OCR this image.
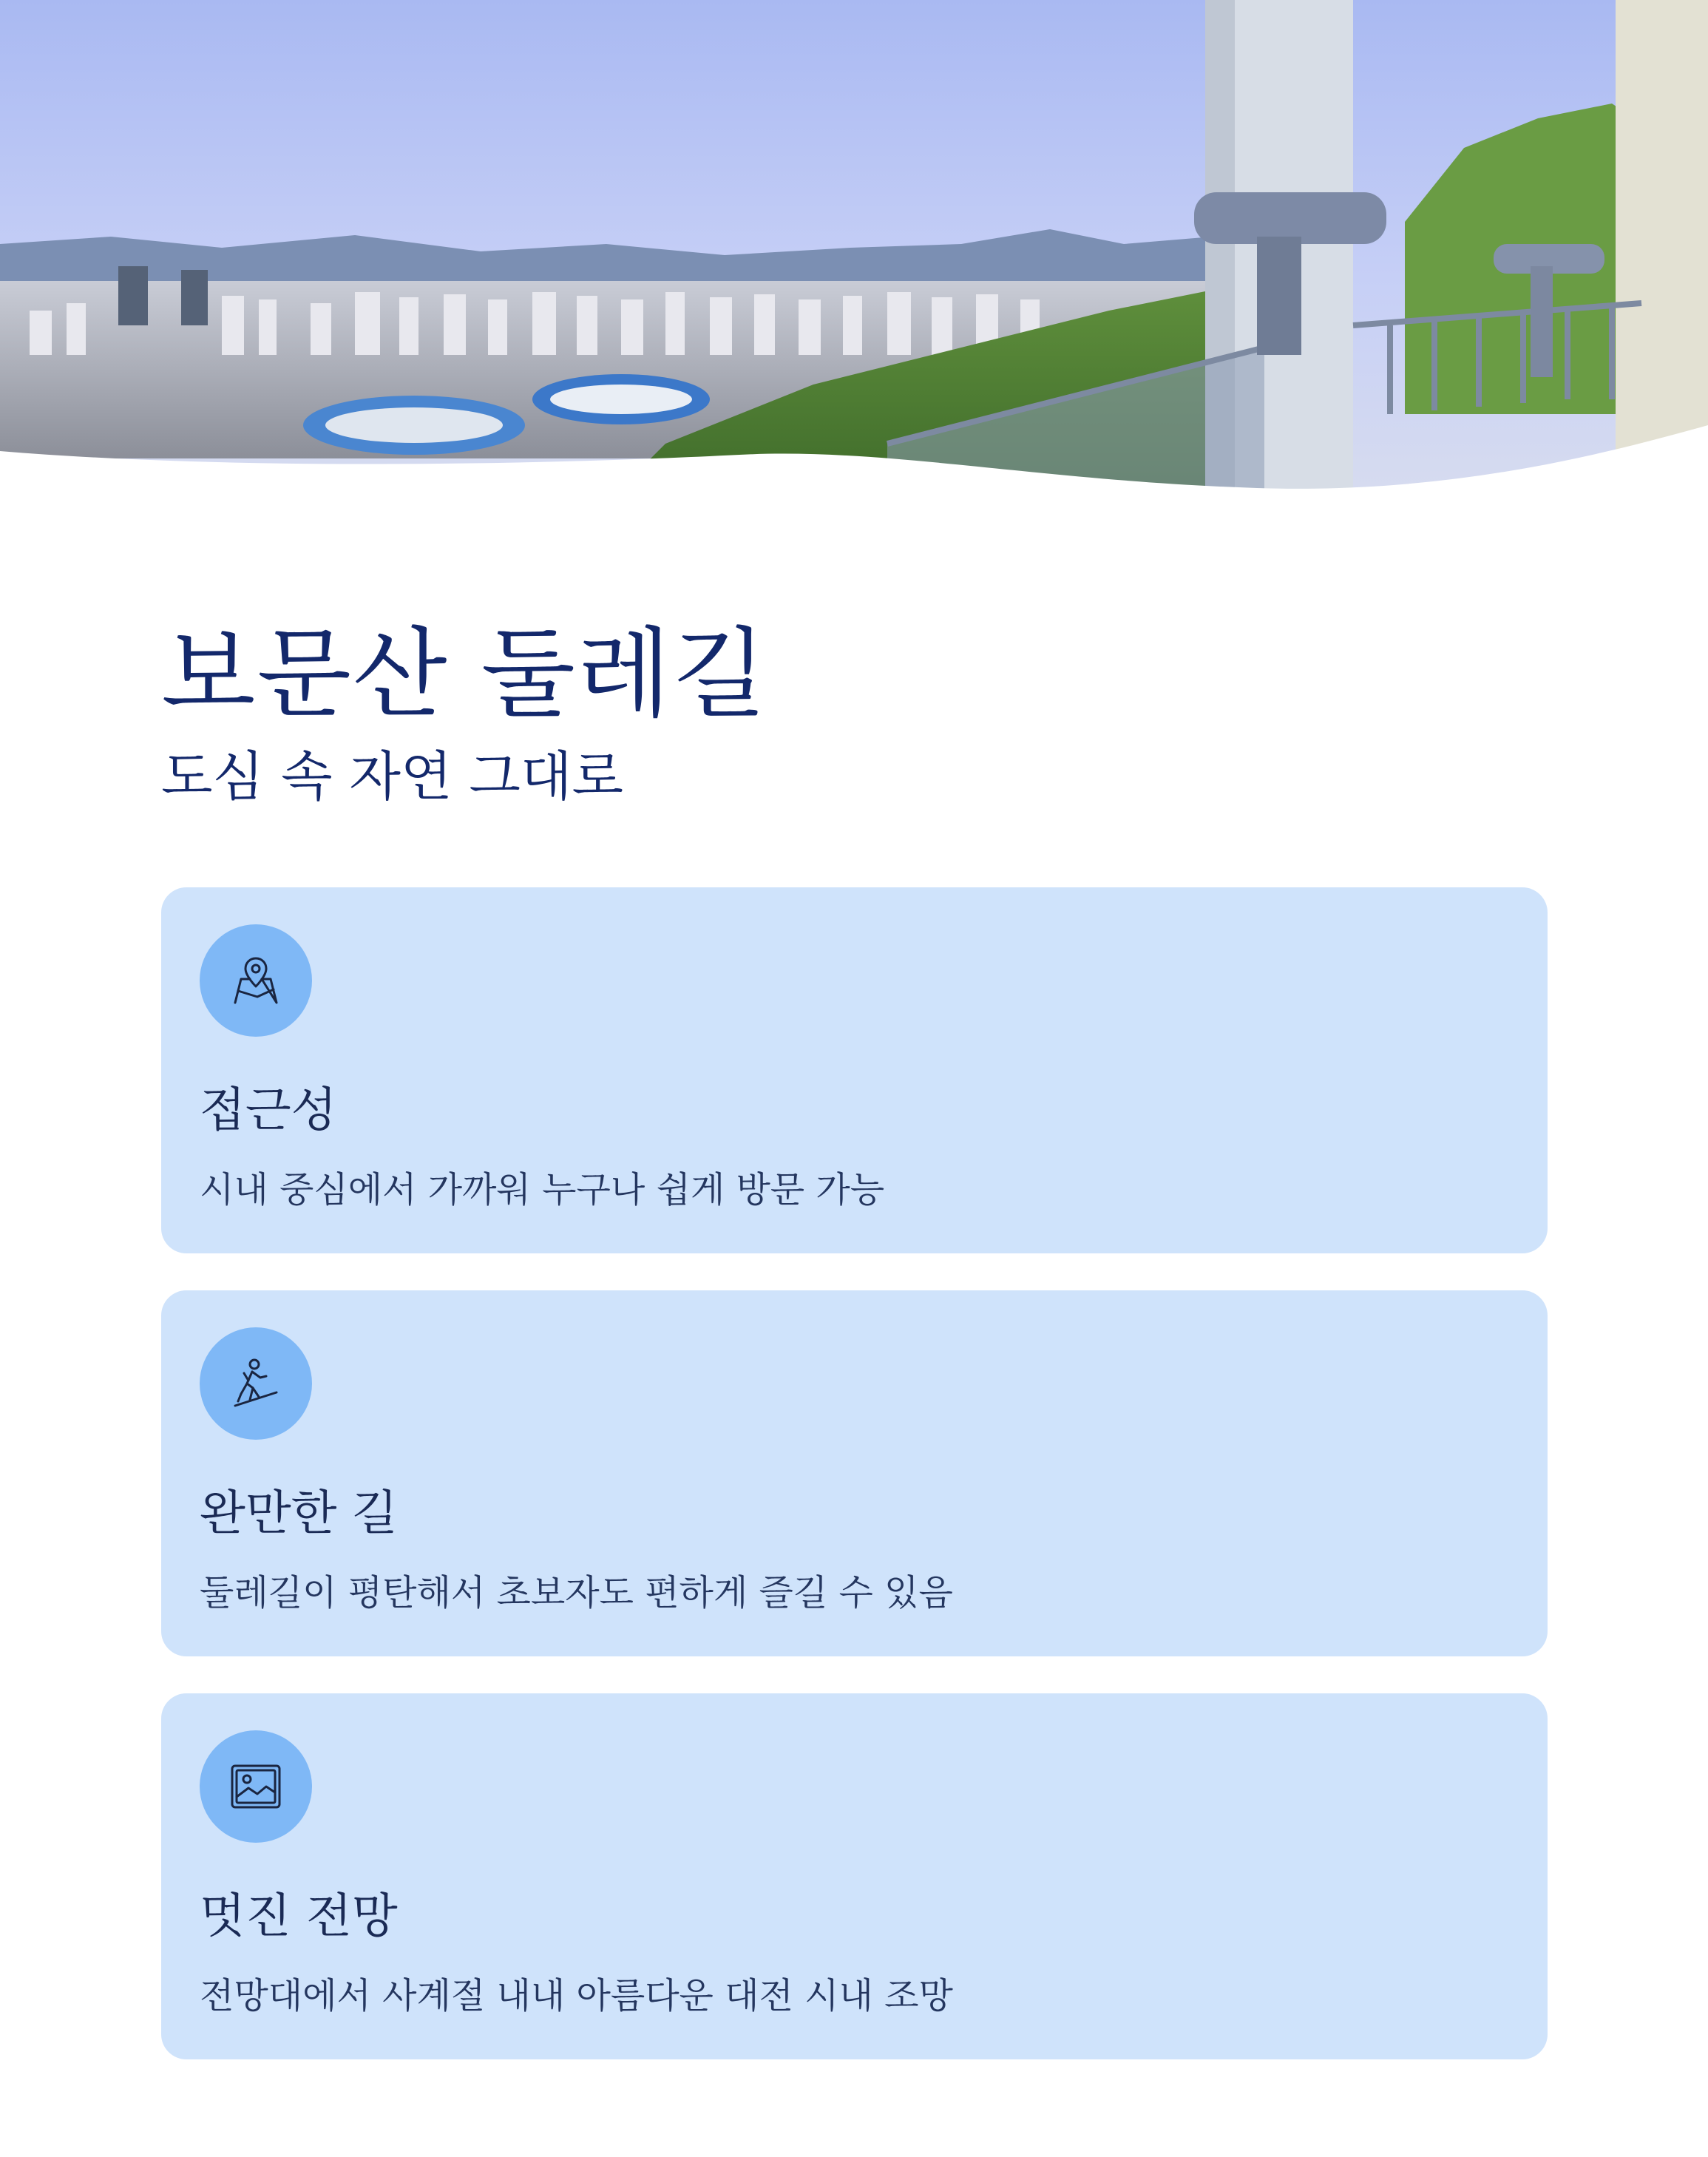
보문산 둘레길
도심 속 자연 그대로
접근성

시내 중심에서 가까워 누구나 쉽게 방문 가능

완만한 길

둘레길이 평탄해서 초보자도 편하게 즐길 수 있음

멋진 전망

전망대에서 사계절 내내 아름다운 대전 시내 조망
